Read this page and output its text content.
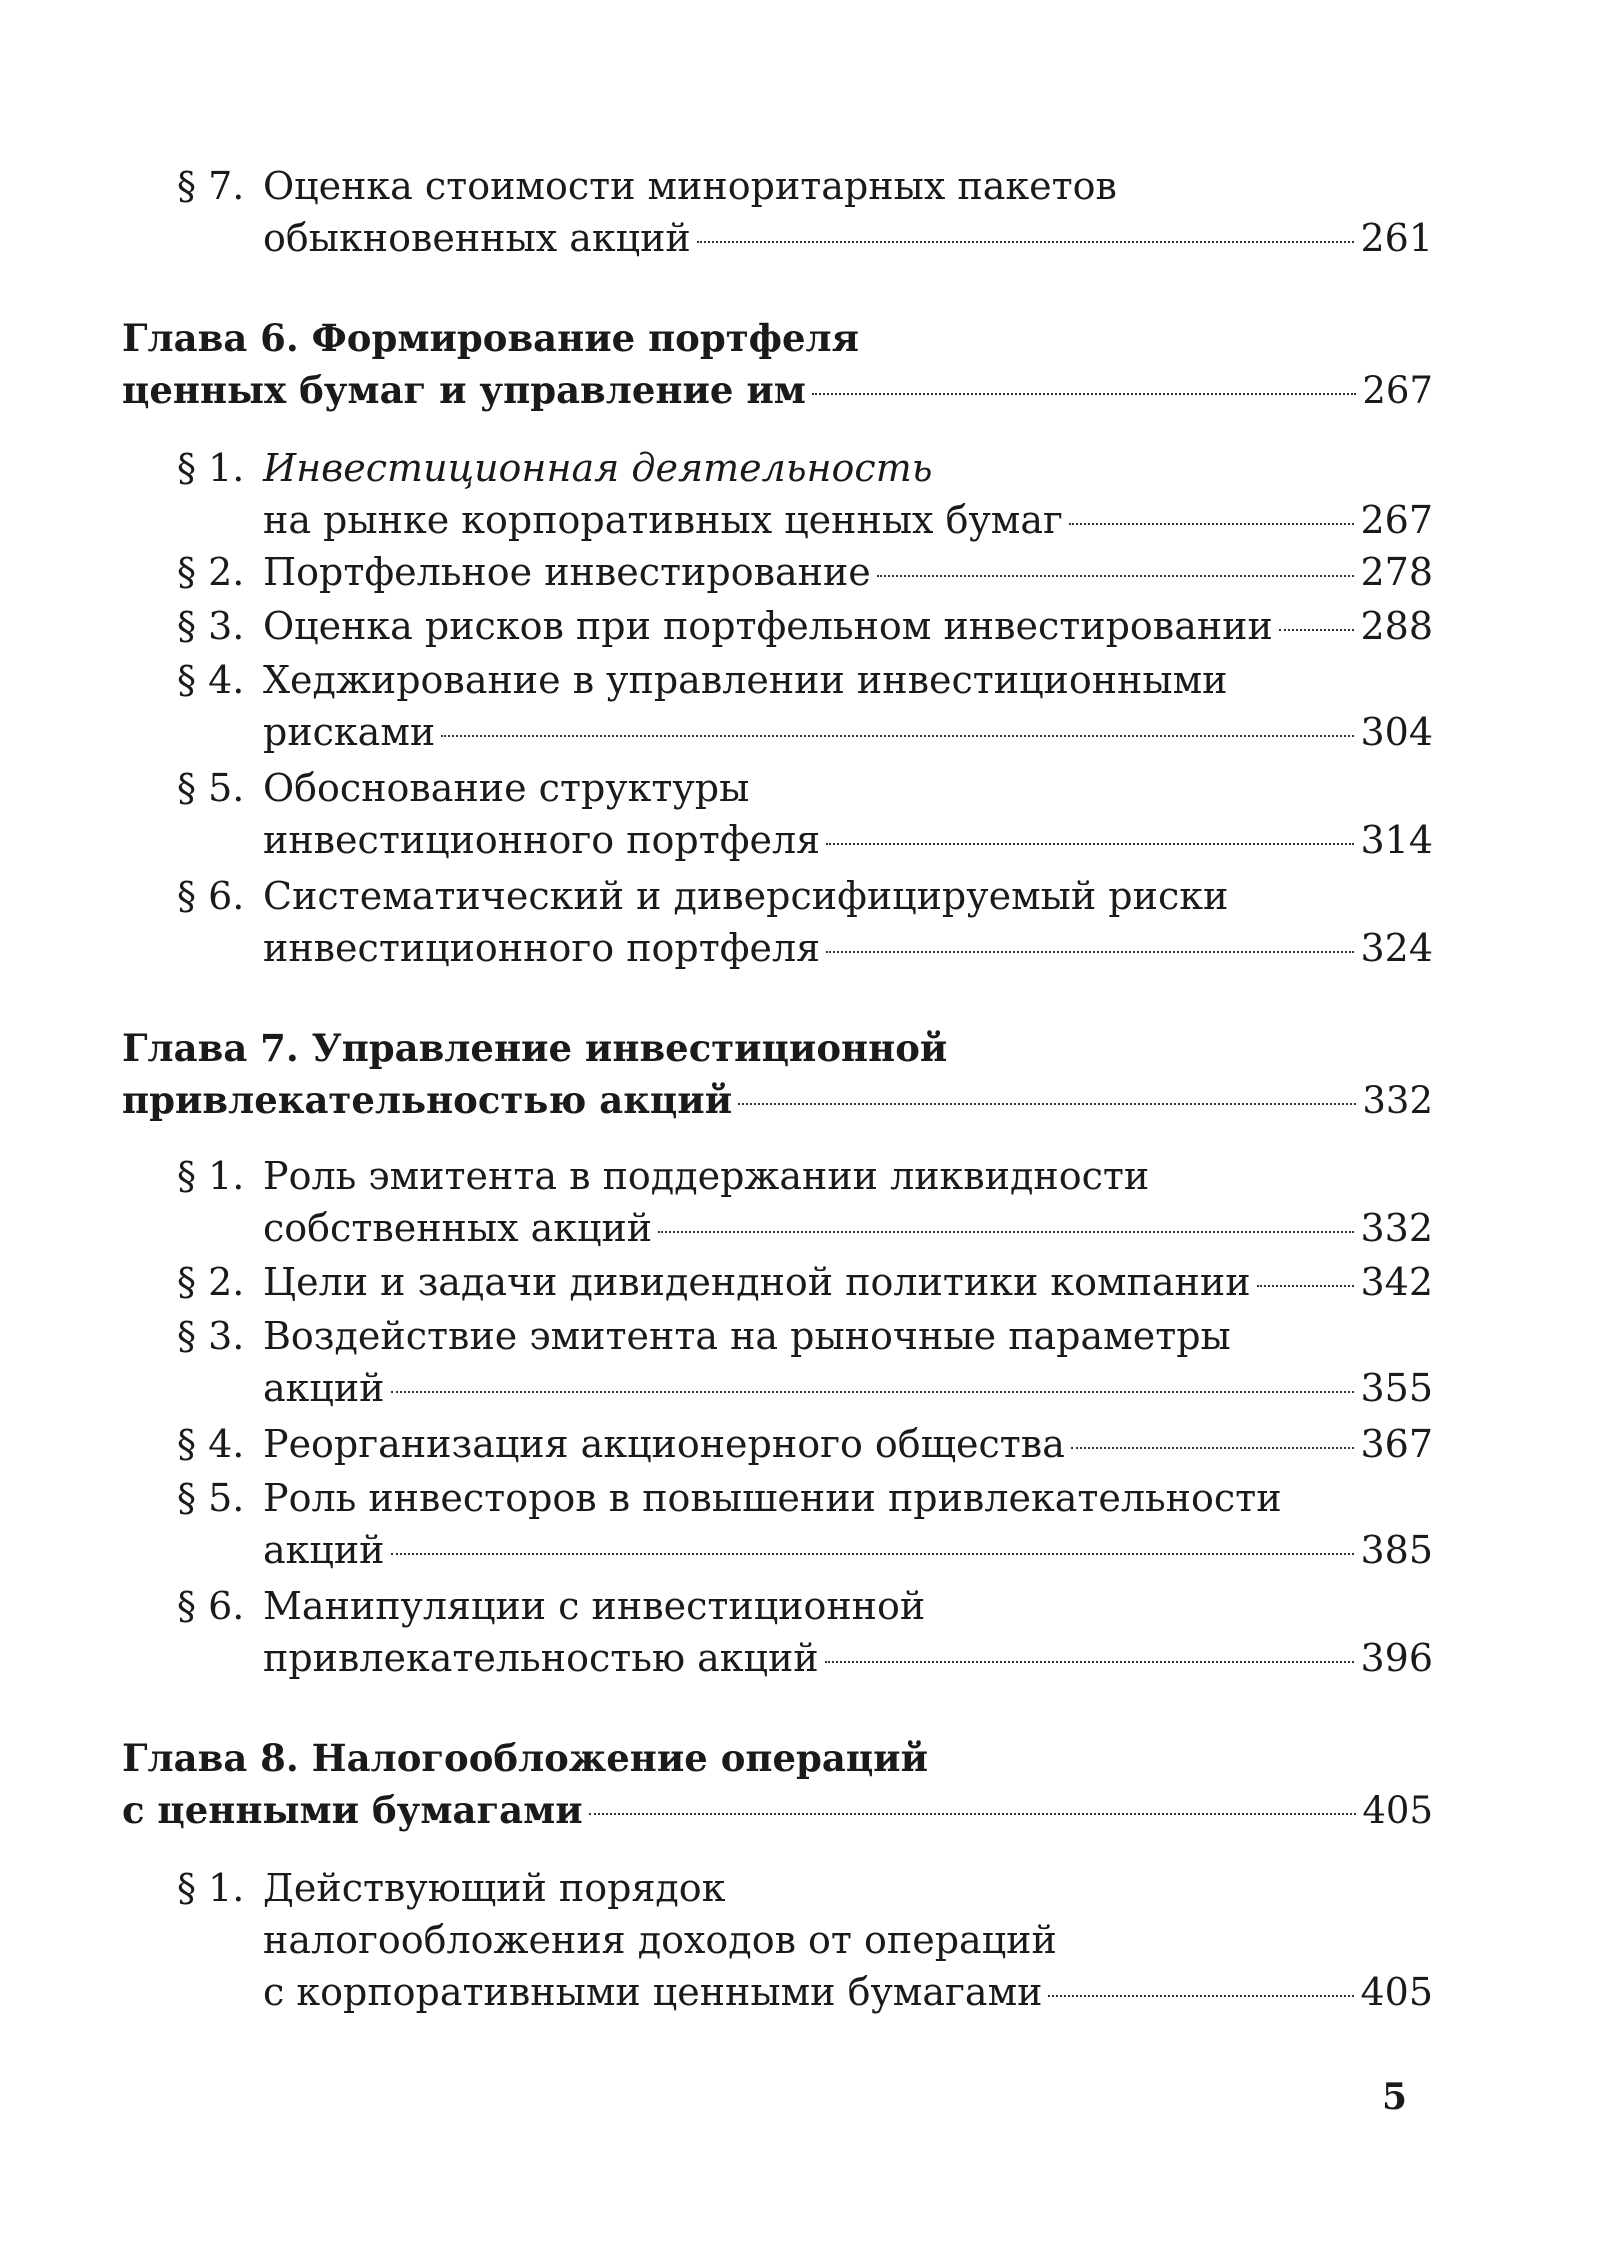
§ 7. Оценка стоимости миноритарных пакетов
обыкновенных акций	261
Глава 6. Формирование портфеля
ценных бумаг и управление им	267
§ 1. Инвестиционная деятельность
на рынке корпоративных ценных бумаг	267
§ 2. Портфельное инвестирование	278
§ 3. Оценка рисков при портфельном инвестировании 288
§ 4. Хеджирование в управлении инвестиционными
рисками	304
§ 5. Обоснование структуры
инвестиционного портфеля	314
§ 6. Систематический и диверсифицируемый риски
инвестиционного портфеля	324
Глава 7. Управление инвестиционной
привлекательностью акций	332
§ 1. Роль эмитента в поддержании ликвидности
собственных акций	332
§ 2. Цели и задачи дивидендной политики компании	342
§ 3. Воздействие эмитента на рыночные параметры
акций	355
§ 4. Реорганизация акционерного общества	367
§ 5. Роль инвесторов в повышении привлекательности
акций	385
§ 6. Манипуляции с инвестиционной
привлекательностью акций	396
Глава 8. Налогообложение операций
с ценными бумагами	405
§ 1. Действующий порядок
налогообложения доходов от операций
с корпоративными ценными бумагами	405
5
